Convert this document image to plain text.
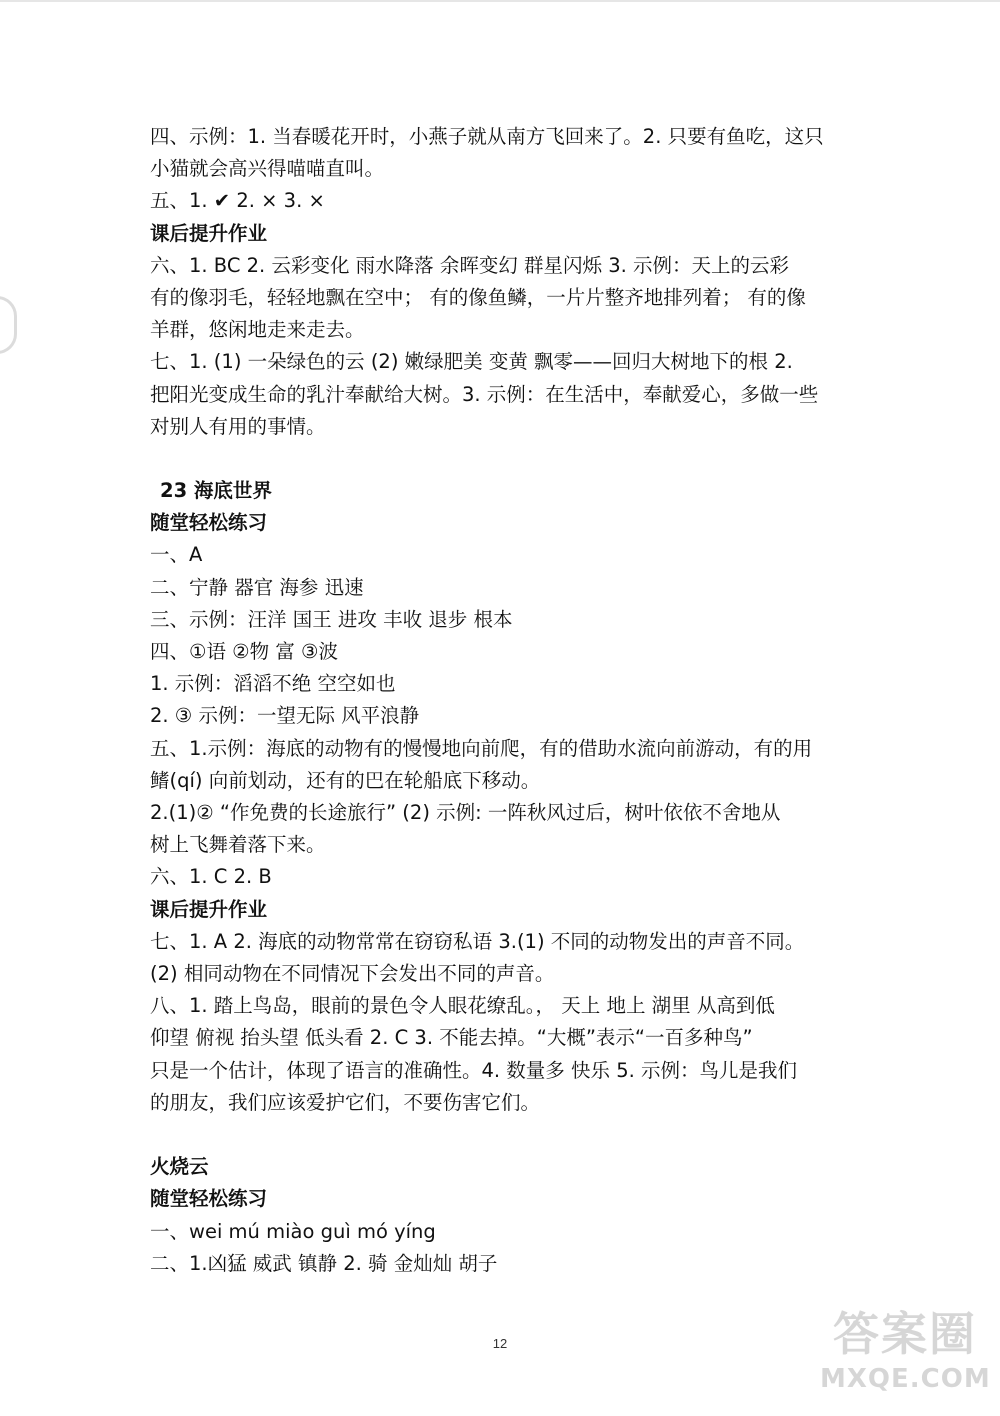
四、示例：1. 当春暖花开时，小燕子就从南方飞回来了。2. 只要有鱼吃，这只
小猫就会高兴得喵喵直叫。
五、1. ✔ 2. × 3. ×
课后提升作业
六、1. BC 2. 云彩变化 雨水降落 余晖变幻 群星闪烁 3. 示例：天上的云彩
有的像羽毛，轻轻地飘在空中； 有的像鱼鳞，一片片整齐地排列着； 有的像
羊群，悠闲地走来走去。
七、1. (1) 一朵绿色的云 (2) 嫩绿肥美 变黄 飘零——回归大树地下的根 2.
把阳光变成生命的乳汁奉献给大树。3. 示例：在生活中，奉献爱心，多做一些
对别人有用的事情。
23 海底世界
随堂轻松练习
一、A
二、宁静 器官 海参 迅速
三、示例：汪洋 国王 进攻 丰收 退步 根本
四、①语 ②物 富 ③波
1. 示例：滔滔不绝 空空如也
2. ③ 示例：一望无际 风平浪静
五、1.示例：海底的动物有的慢慢地向前爬，有的借助水流向前游动，有的用
鳍(qí) 向前划动，还有的巴在轮船底下移动。
2.(1)② “作免费的长途旅行” (2) 示例: 一阵秋风过后，树叶依依不舍地从
树上飞舞着落下来。
六、1. C 2. B
课后提升作业
七、1. A 2. 海底的动物常常在窃窃私语 3.(1) 不同的动物发出的声音不同。
(2) 相同动物在不同情况下会发出不同的声音。
八、1. 踏上鸟岛，眼前的景色令人眼花缭乱。， 天上 地上 湖里 从高到低
仰望 俯视 抬头望 低头看 2. C 3. 不能去掉。“大概”表示“一百多种鸟”
只是一个估计，体现了语言的准确性。4. 数量多 快乐 5. 示例：鸟儿是我们
的朋友，我们应该爱护它们，不要伤害它们。
火烧云
随堂轻松练习
一、wei mú miào guì mó yíng
二、1.凶猛 威武 镇静 2. 骑 金灿灿 胡子
12	答案圈
MXQE.COM
